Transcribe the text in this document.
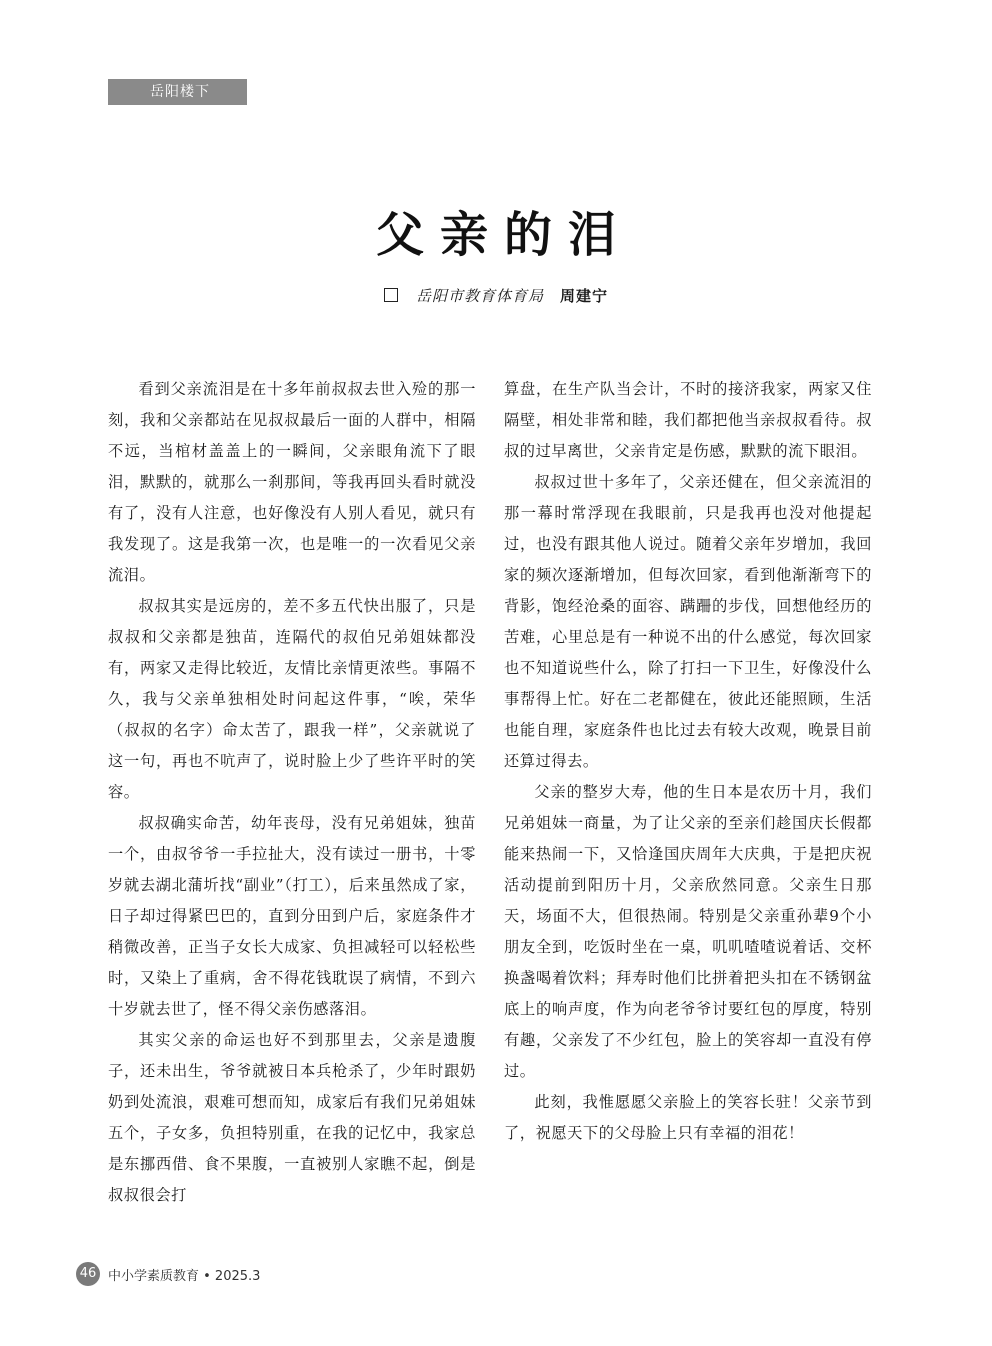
岳阳楼下
父亲的泪
岳阳市教育体育局 周建宁

看到父亲流泪是在十多年前叔叔去世入殓的那一刻，我和父亲都站在见叔叔最后一面的人群中，相隔不远，当棺材盖盖上的一瞬间，父亲眼角流下了眼泪，默默的，就那么一刹那间，等我再回头看时就没有了，没有人注意，也好像没有人别人看见，就只有我发现了。这是我第一次，也是唯一的一次看见父亲流泪。

叔叔其实是远房的，差不多五代快出服了，只是叔叔和父亲都是独苗，连隔代的叔伯兄弟姐妹都没有，两家又走得比较近，友情比亲情更浓些。事隔不久，我与父亲单独相处时问起这件事，“唉，荣华（叔叔的名字）命太苦了，跟我一样”，父亲就说了这一句，再也不吭声了，说时脸上少了些许平时的笑容。

叔叔确实命苦，幼年丧母，没有兄弟姐妹，独苗一个，由叔爷爷一手拉扯大，没有读过一册书，十零岁就去湖北蒲圻找“副业”（打工），后来虽然成了家，日子却过得紧巴巴的，直到分田到户后，家庭条件才稍微改善，正当子女长大成家、负担减轻可以轻松些时，又染上了重病，舍不得花钱耽误了病情，不到六十岁就去世了，怪不得父亲伤感落泪。

其实父亲的命运也好不到那里去，父亲是遗腹子，还未出生，爷爷就被日本兵枪杀了，少年时跟奶奶到处流浪，艰难可想而知，成家后有我们兄弟姐妹五个，子女多，负担特别重，在我的记忆中，我家总是东挪西借、食不果腹，一直被别人家瞧不起，倒是叔叔很会打

算盘，在生产队当会计，不时的接济我家，两家又住隔壁，相处非常和睦，我们都把他当亲叔叔看待。叔叔的过早离世，父亲肯定是伤感，默默的流下眼泪。

叔叔过世十多年了，父亲还健在，但父亲流泪的那一幕时常浮现在我眼前，只是我再也没对他提起过，也没有跟其他人说过。随着父亲年岁增加，我回家的频次逐渐增加，但每次回家，看到他渐渐弯下的背影，饱经沧桑的面容、蹒跚的步伐，回想他经历的苦难，心里总是有一种说不出的什么感觉，每次回家也不知道说些什么，除了打扫一下卫生，好像没什么事帮得上忙。好在二老都健在，彼此还能照顾，生活也能自理，家庭条件也比过去有较大改观，晚景目前还算过得去。

父亲的整岁大寿，他的生日本是农历十月，我们兄弟姐妹一商量，为了让父亲的至亲们趁国庆长假都能来热闹一下，又恰逢国庆周年大庆典，于是把庆祝活动提前到阳历十月，父亲欣然同意。父亲生日那天，场面不大，但很热闹。特别是父亲重孙辈9个小朋友全到，吃饭时坐在一桌，叽叽喳喳说着话、交杯换盏喝着饮料；拜寿时他们比拼着把头扣在不锈钢盆底上的响声度，作为向老爷爷讨要红包的厚度，特别有趣，父亲发了不少红包，脸上的笑容却一直没有停过。

此刻，我惟愿愿父亲脸上的笑容长驻！父亲节到了，祝愿天下的父母脸上只有幸福的泪花！

46 中小学素质教育 • 2025.3
